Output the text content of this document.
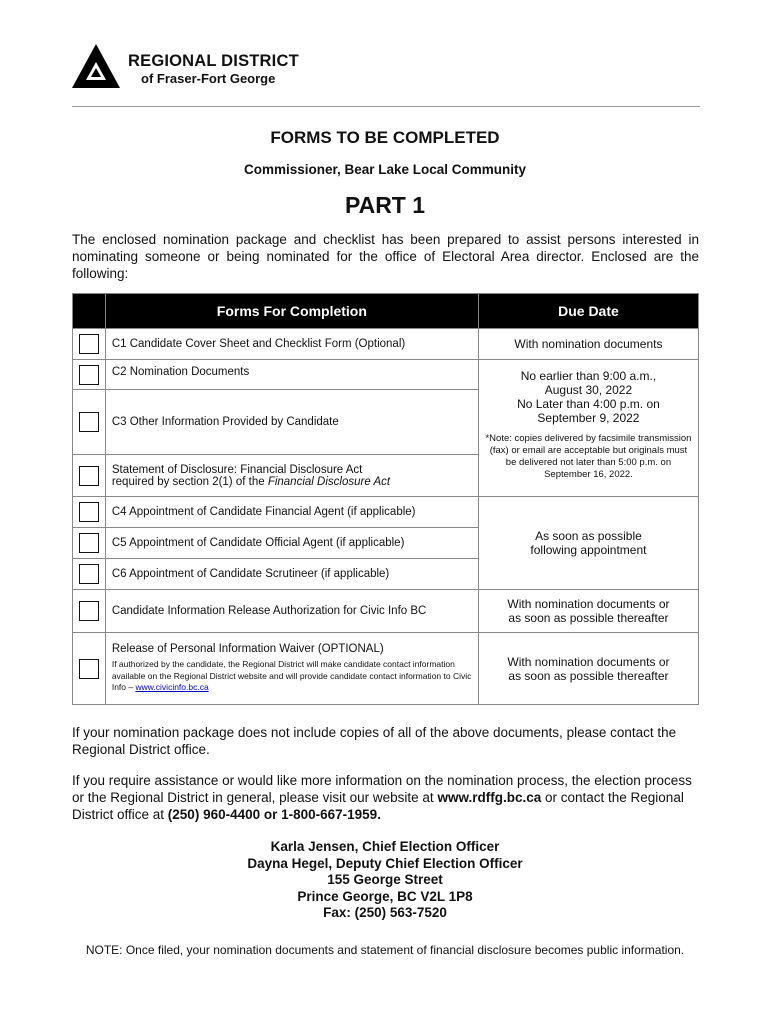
REGIONAL DISTRICT
of Fraser-Fort George
FORMS TO BE COMPLETED
Commissioner, Bear Lake Local Community
PART 1
The enclosed nomination package and checklist has been prepared to assist persons interested in nominating someone or being nominated for the office of Electoral Area director. Enclosed are the following:
	Forms For Completion	Due Date
	C1 Candidate Cover Sheet and Checklist Form (Optional)	With nomination documents
	C2 Nomination Documents	No earlier than 9:00 a.m.,
August 30, 2022
No Later than 4:00 p.m. on
September 9, 2022
*Note: copies delivered by facsimile transmission (fax) or email are acceptable but originals must be delivered not later than 5:00 p.m. on September 16, 2022.

	C3 Other Information Provided by Candidate	

	Statement of Disclosure: Financial Disclosure Act
required by section 2(1) of the Financial Disclosure Act	
	C4 Appointment of Candidate Financial Agent (if applicable)	As soon as possible
following appointment

	C5 Appointment of Candidate Official Agent (if applicable)	
	C6 Appointment of Candidate Scrutineer (if applicable)	
	Candidate Information Release Authorization for Civic Info BC	With nomination documents or
as soon as possible thereafter

	Release of Personal Information Waiver (OPTIONAL)
If authorized by the candidate, the Regional District will make candidate contact information available on the Regional District website and will provide candidate contact information to Civic Info – www.civicinfo.bc.ca	With nomination documents or
as soon as possible thereafter
If your nomination package does not include copies of all of the above documents, please contact the Regional District office.
If you require assistance or would like more information on the nomination process, the election process or the Regional District in general, please visit our website at www.rdffg.bc.ca or contact the Regional District office at (250) 960-4400 or 1-800-667-1959.
Karla Jensen, Chief Election Officer
Dayna Hegel, Deputy Chief Election Officer
155 George Street
Prince George, BC V2L 1P8
Fax: (250) 563-7520
NOTE: Once filed, your nomination documents and statement of financial disclosure becomes public information.
